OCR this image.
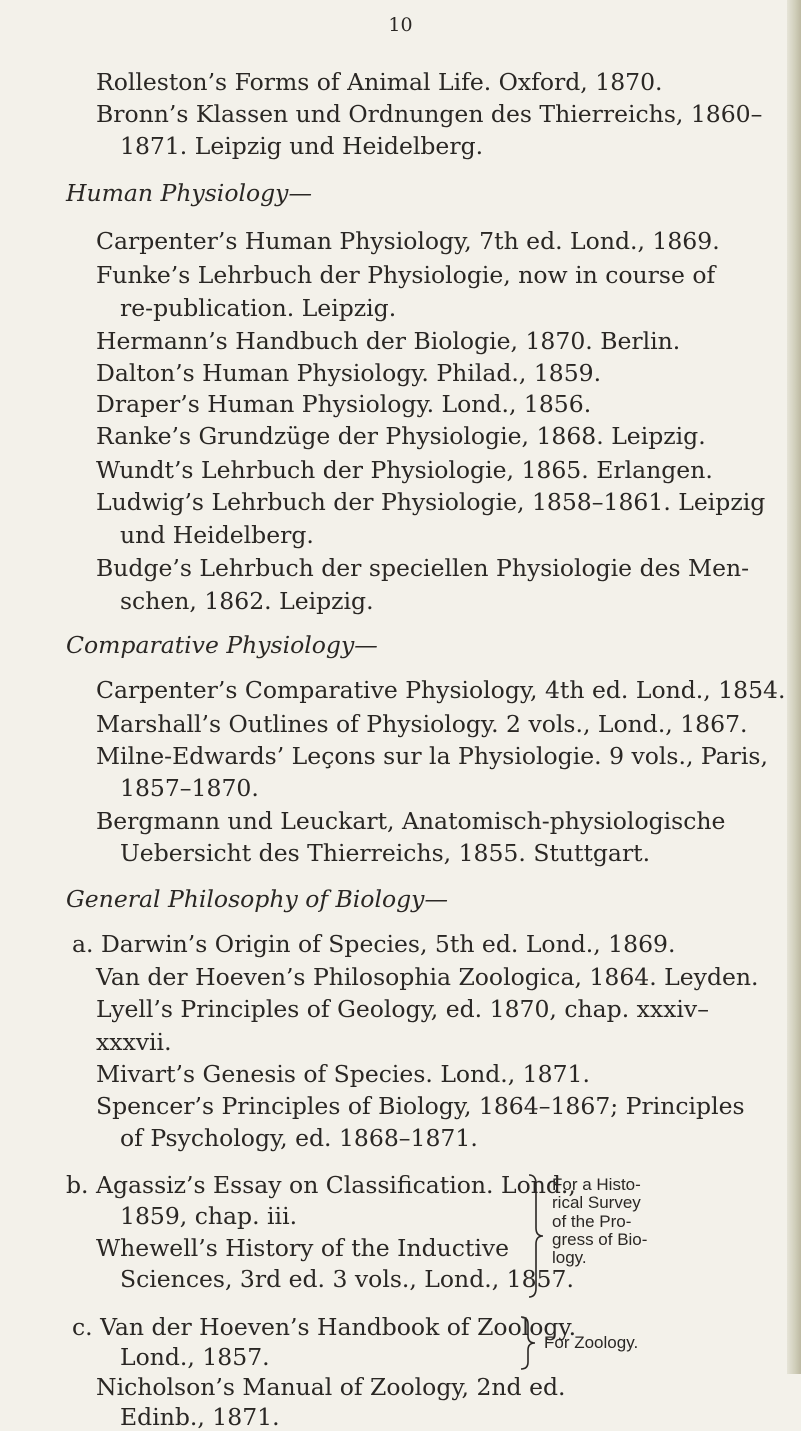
10
Rolleston’s Forms of Animal Life. Oxford, 1870.
Bronn’s Klassen und Ordnungen des Thierreichs, 1860–
1871. Leipzig und Heidelberg.
Human Physiology—
Carpenter’s Human Physiology, 7th ed. Lond., 1869.
Funke’s Lehrbuch der Physiologie, now in course of
re-publication. Leipzig.
Hermann’s Handbuch der Biologie, 1870. Berlin.
Dalton’s Human Physiology. Philad., 1859.
Draper’s Human Physiology. Lond., 1856.
Ranke’s Grundzüge der Physiologie, 1868. Leipzig.
Wundt’s Lehrbuch der Physiologie, 1865. Erlangen.
Ludwig’s Lehrbuch der Physiologie, 1858–1861. Leipzig
und Heidelberg.
Budge’s Lehrbuch der speciellen Physiologie des Men-
schen, 1862. Leipzig.
Comparative Physiology—
Carpenter’s Comparative Physiology, 4th ed. Lond., 1854.
Marshall’s Outlines of Physiology. 2 vols., Lond., 1867.
Milne-Edwards’ Leçons sur la Physiologie. 9 vols., Paris,
1857–1870.
Bergmann und Leuckart, Anatomisch-physiologische
Uebersicht des Thierreichs, 1855. Stuttgart.
General Philosophy of Biology—
a. Darwin’s Origin of Species, 5th ed. Lond., 1869.
Van der Hoeven’s Philosophia Zoologica, 1864. Leyden.
Lyell’s Principles of Geology, ed. 1870, chap. xxxiv–
xxxvii.
Mivart’s Genesis of Species. Lond., 1871.
Spencer’s Principles of Biology, 1864–1867; Principles
of Psychology, ed. 1868–1871.
b. Agassiz’s Essay on Classification. Lond.,
1859, chap. iii.
Whewell’s History of the Inductive
Sciences, 3rd ed. 3 vols., Lond., 1857.
For a Histo-
rical Survey
of the Pro-
gress of Bio-
logy.
c. Van der Hoeven’s Handbook of Zoology.
Lond., 1857.
Nicholson’s Manual of Zoology, 2nd ed.
Edinb., 1871.
For Zoology.
